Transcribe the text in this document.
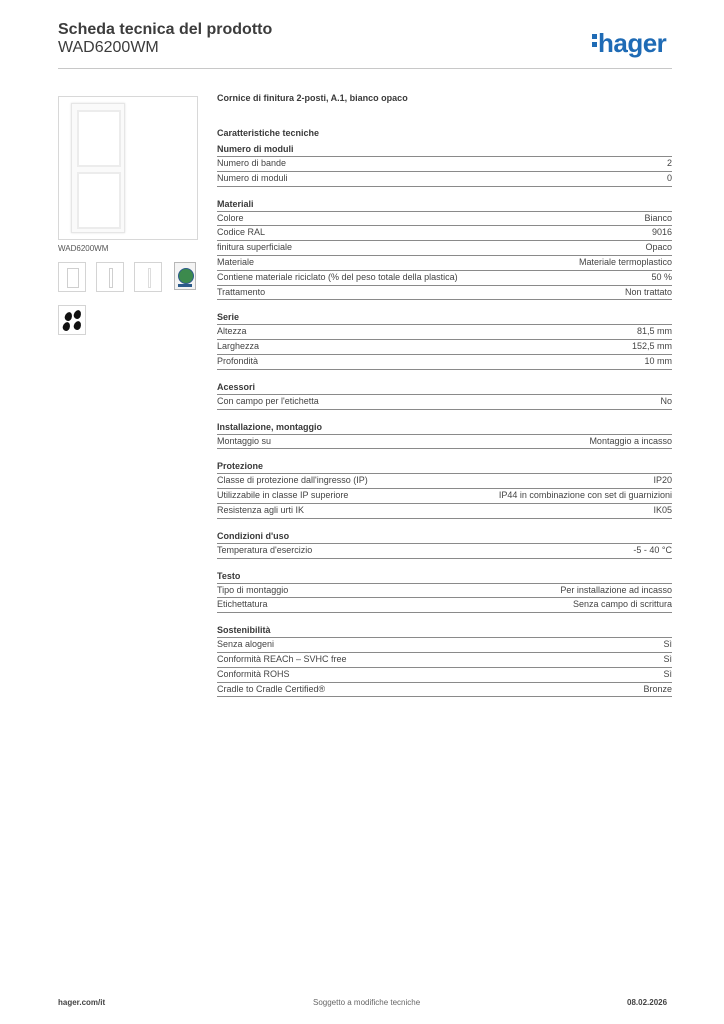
Scheda tecnica del prodotto
WAD6200WM	hager
WAD6200WM
Cornice di finitura 2-posti, A.1, bianco opaco
Caratteristiche tecniche
Numero di moduli
Numero di bande	2
Numero di moduli	0
Materiali
Colore	Bianco
Codice RAL	9016
finitura superficiale	Opaco
Materiale	Materiale termoplastico
Contiene materiale riciclato (% del peso totale della plastica)	50 %
Trattamento	Non trattato
Serie
Altezza	81,5 mm
Larghezza	152,5 mm
Profondità	10 mm
Acessori
Con campo per l'etichetta	No
Installazione, montaggio
Montaggio su	Montaggio a incasso
Protezione
Classe di protezione dall'ingresso (IP)	IP20
Utilizzabile in classe IP superiore	IP44 in combinazione con set di guarnizioni
Resistenza agli urti IK	IK05
Condizioni d'uso
Temperatura d'esercizio	-5 - 40 °C
Testo
Tipo di montaggio	Per installazione ad incasso
Etichettatura	Senza campo di scrittura
Sostenibilità
Senza alogeni	Sì
Conformità REACh – SVHC free	Sì
Conformità ROHS	Sì
Cradle to Cradle Certified®	Bronze
hager.com/it	Soggetto a modifiche tecniche	08.02.2026
